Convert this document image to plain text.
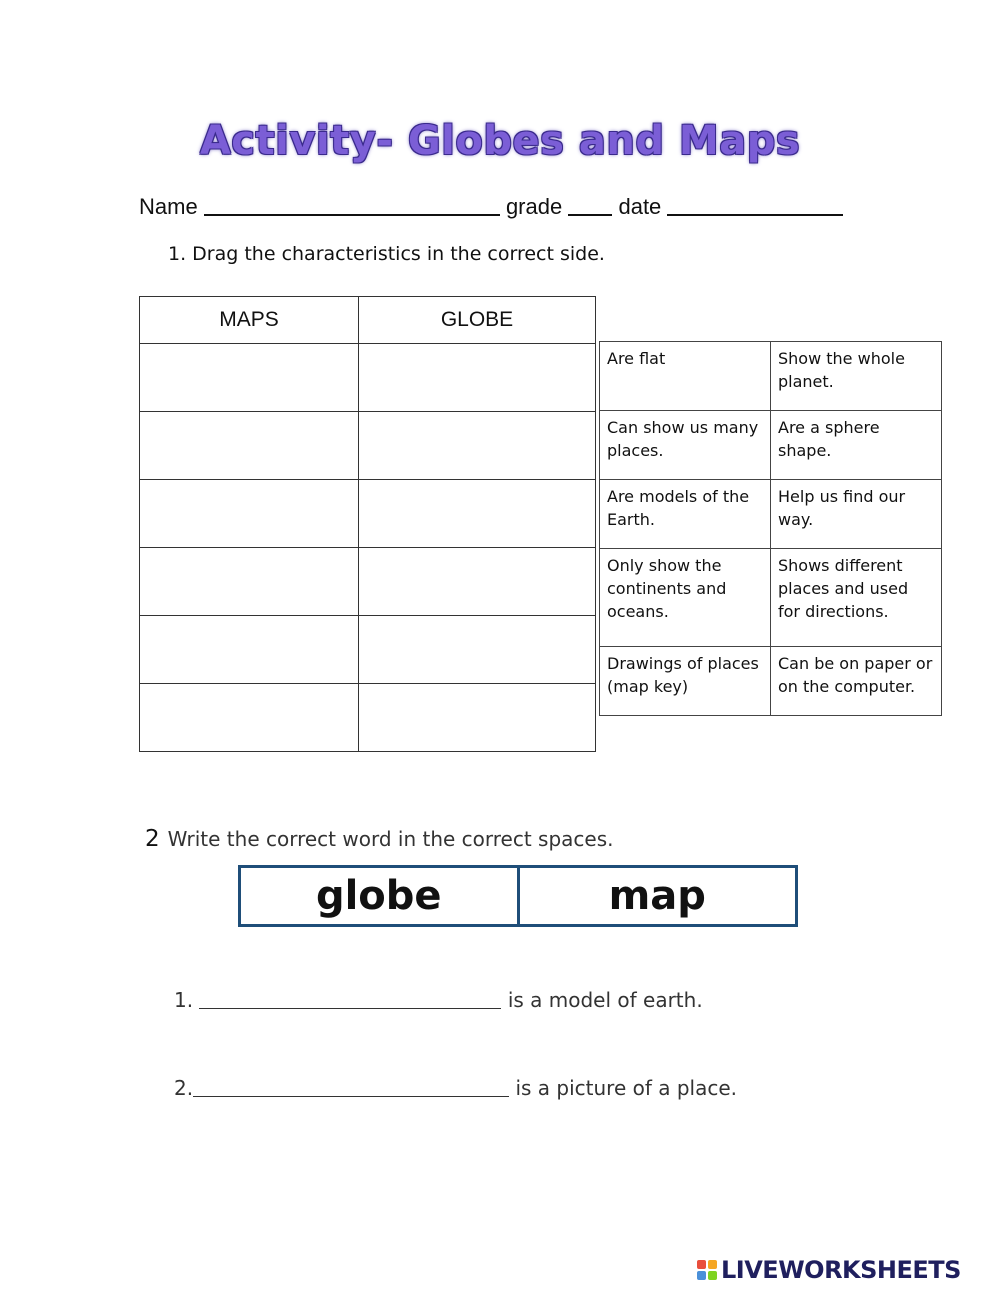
Activity- Globes and Maps
Name	grade	date
1. Drag the characteristics in the correct side.
MAPS	GLOBE

Are flat	Show the whole planet.
Can show us many places.	Are a sphere shape.
Are models of the Earth.	Help us find our way.
Only show the continents and oceans.	Shows different places and used for directions.
Drawings of places (map key)	Can be on paper or on the computer.
2 Write the correct word in the correct spaces.
globe	map
1.	is a model of earth.
2.	is a picture of a place.
LIVEWORKSHEETS
